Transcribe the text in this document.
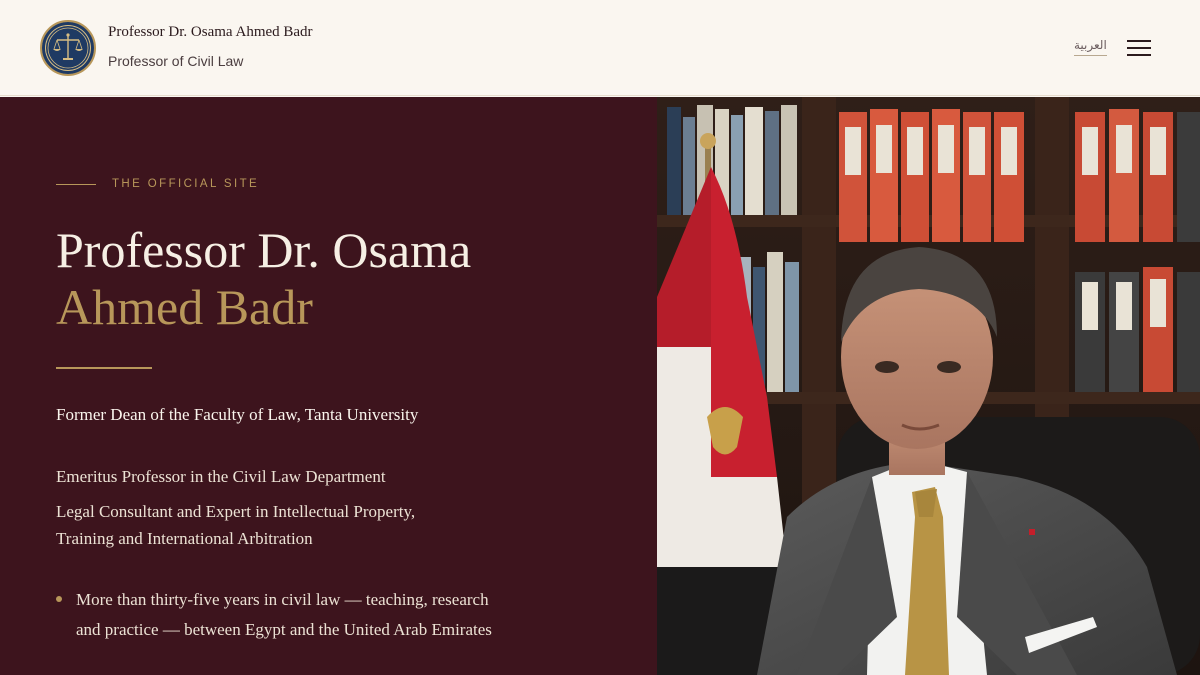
Professor Dr. Osama Ahmed Badr
Professor of Civil Law
العربية
THE OFFICIAL SITE
Professor Dr. Osama
Ahmed Badr

Former Dean of the Faculty of Law, Tanta University

Emeritus Professor in the Civil Law Department

Legal Consultant and Expert in Intellectual Property, Training and International Arbitration

More than thirty-five years in civil law — teaching, research and practice — between Egypt and the United Arab Emirates
